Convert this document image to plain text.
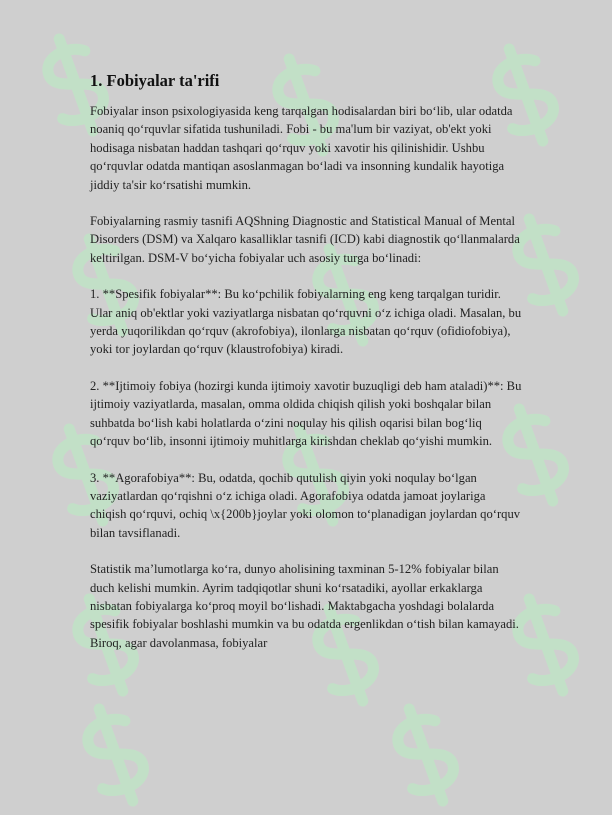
1. Fobiyalar ta'rifi

Fobiyalar inson psixologiyasida keng tarqalgan hodisalardan biri bo‘lib, ular odatda noaniq qo‘rquvlar sifatida tushuniladi. Fobi - bu ma'lum bir vaziyat, ob'ekt yoki hodisaga nisbatan haddan tashqari qo‘rquv yoki xavotir his qilinishidir. Ushbu qo‘rquvlar odatda mantiqan asoslanmagan bo‘ladi va insonning kundalik hayotiga jiddiy ta'sir ko‘rsatishi mumkin.

Fobiyalarning rasmiy tasnifi AQShning Diagnostic and Statistical Manual of Mental Disorders (DSM) va Xalqaro kasalliklar tasnifi (ICD) kabi diagnostik qo‘llanmalarda keltirilgan. DSM-V bo‘yicha fobiyalar uch asosiy turga bo‘linadi:

1. **Spesifik fobiyalar**: Bu ko‘pchilik fobiyalarning eng keng tarqalgan turidir. Ular aniq ob'ektlar yoki vaziyatlarga nisbatan qo‘rquvni o‘z ichiga oladi. Masalan, bu yerda yuqorilikdan qo‘rquv (akrofobiya), ilonlarga nisbatan qo‘rquv (ofidiofobiya), yoki tor joylardan qo‘rquv (klaustrofobiya) kiradi.

2. **Ijtimoiy fobiya (hozirgi kunda ijtimoiy xavotir buzuqligi deb ham ataladi)**: Bu ijtimoiy vaziyatlarda, masalan, omma oldida chiqish qilish yoki boshqalar bilan suhbatda bo‘lish kabi holatlarda o‘zini noqulay his qilish oqarisi bilan bog‘liq qo‘rquv bo‘lib, insonni ijtimoiy muhitlarga kirishdan cheklab qo‘yishi mumkin.

3. **Agorafobiya**: Bu, odatda, qochib qutulish qiyin yoki noqulay bo‘lgan vaziyatlardan qo‘rqishni o‘z ichiga oladi. Agorafobiya odatda jamoat joylariga chiqish qo‘rquvi, ochiq \x{200b}joylar yoki olomon to‘planadigan joylardan qo‘rquv bilan tavsiflanadi.

Statistik ma’lumotlarga ko‘ra, dunyo aholisining taxminan 5-12% fobiyalar bilan duch kelishi mumkin. Ayrim tadqiqotlar shuni ko‘rsatadiki, ayollar erkaklarga nisbatan fobiyalarga ko‘proq moyil bo‘lishadi. Maktabgacha yoshdagi bolalarda spesifik fobiyalar boshlashi mumkin va bu odatda ergenlikdan o‘tish bilan kamayadi. Biroq, agar davolanmasa, fobiyalar
